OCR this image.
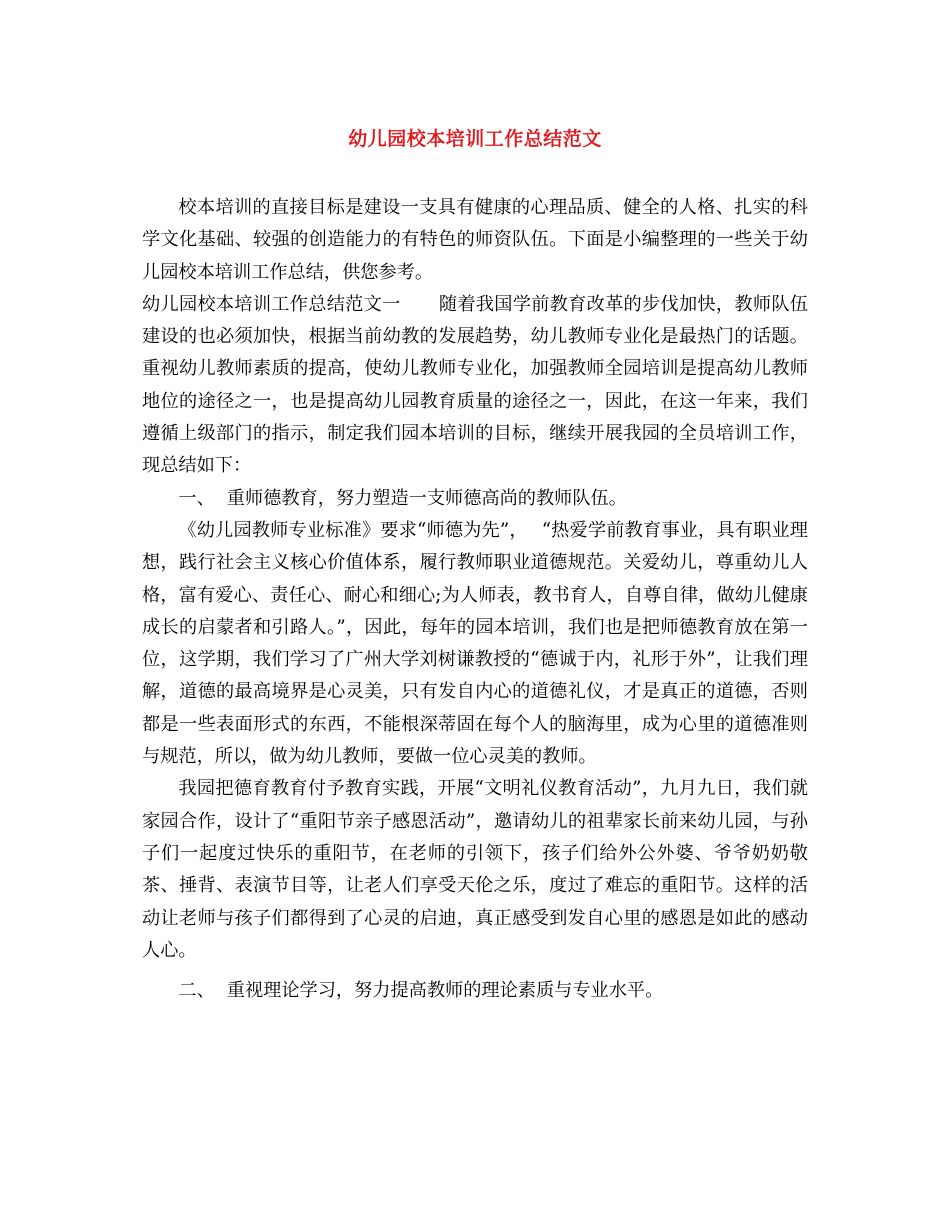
幼儿园校本培训工作总结范文

校本培训的直接目标是建设一支具有健康的心理品质、健全的人格、扎实的科学文化基础、较强的创造能力的有特色的师资队伍。下面是小编整理的一些关于幼儿园校本培训工作总结，供您参考。

幼儿园校本培训工作总结范文一 随着我国学前教育改革的步伐加快，教师队伍建设的也必须加快，根据当前幼教的发展趋势，幼儿教师专业化是最热门的话题。重视幼儿教师素质的提高，使幼儿教师专业化，加强教师全园培训是提高幼儿教师地位的途径之一，也是提高幼儿园教育质量的途径之一，因此，在这一年来，我们遵循上级部门的指示，制定我们园本培训的目标，继续开展我园的全员培训工作，现总结如下：

一、 重师德教育，努力塑造一支师德高尚的教师队伍。

《幼儿园教师专业标准》要求“师德为先”， “热爱学前教育事业，具有职业理想，践行社会主义核心价值体系，履行教师职业道德规范。关爱幼儿，尊重幼儿人格，富有爱心、责任心、耐心和细心;为人师表，教书育人，自尊自律，做幼儿健康成长的启蒙者和引路人。”，因此，每年的园本培训，我们也是把师德教育放在第一位，这学期，我们学习了广州大学刘树谦教授的“德诚于内，礼形于外”，让我们理解，道德的最高境界是心灵美，只有发自内心的道德礼仪，才是真正的道德，否则都是一些表面形式的东西，不能根深蒂固在每个人的脑海里，成为心里的道德准则与规范，所以，做为幼儿教师，要做一位心灵美的教师。

我园把德育教育付予教育实践，开展“文明礼仪教育活动”，九月九日，我们就家园合作，设计了“重阳节亲子感恩活动”，邀请幼儿的祖辈家长前来幼儿园，与孙子们一起度过快乐的重阳节，在老师的引领下，孩子们给外公外婆、爷爷奶奶敬茶、捶背、表演节目等，让老人们享受天伦之乐，度过了难忘的重阳节。这样的活动让老师与孩子们都得到了心灵的启迪，真正感受到发自心里的感恩是如此的感动人心。

二、 重视理论学习，努力提高教师的理论素质与专业水平。
